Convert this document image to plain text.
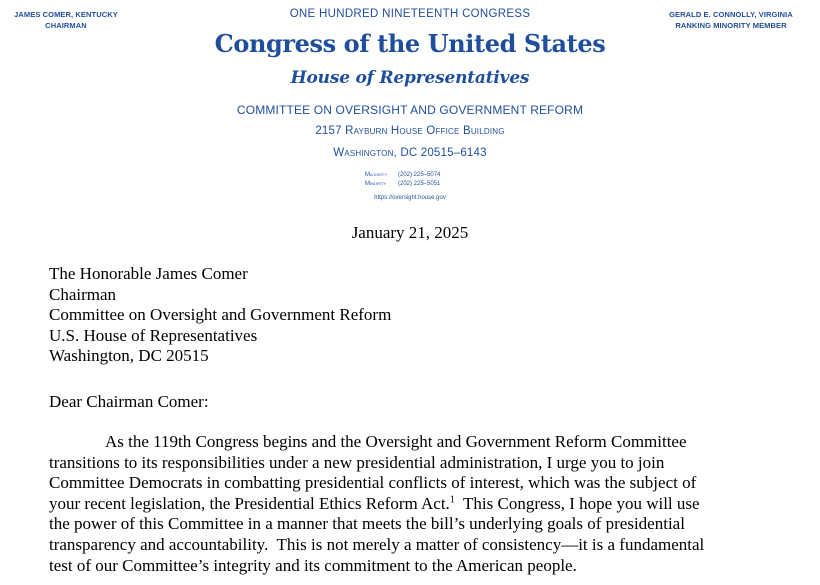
JAMES COMER, KENTUCKY
CHAIRMAN
GERALD E. CONNOLLY, VIRGINIA
RANKING MINORITY MEMBER
ONE HUNDRED NINETEENTH CONGRESS
Congress of the United States
House of Representatives
COMMITTEE ON OVERSIGHT AND GOVERNMENT REFORM
2157 Rayburn House Office Building
Washington, DC 20515–6143
Majority (202) 225–5074
Minority (202) 225–5051
https://oversight.house.gov
January 21, 2025
The Honorable James Comer
Chairman
Committee on Oversight and Government Reform
U.S. House of Representatives
Washington, DC 20515
Dear Chairman Comer:
As the 119th Congress begins and the Oversight and Government Reform Committee
transitions to its responsibilities under a new presidential administration, I urge you to join
Committee Democrats in combatting presidential conflicts of interest, which was the subject of
your recent legislation, the Presidential Ethics Reform Act.$^1$  This Congress, I hope you will use
the power of this Committee in a manner that meets the bill’s underlying goals of presidential
transparency and accountability.  This is not merely a matter of consistency—it is a fundamental
test of our Committee’s integrity and its commitment to the American people.
